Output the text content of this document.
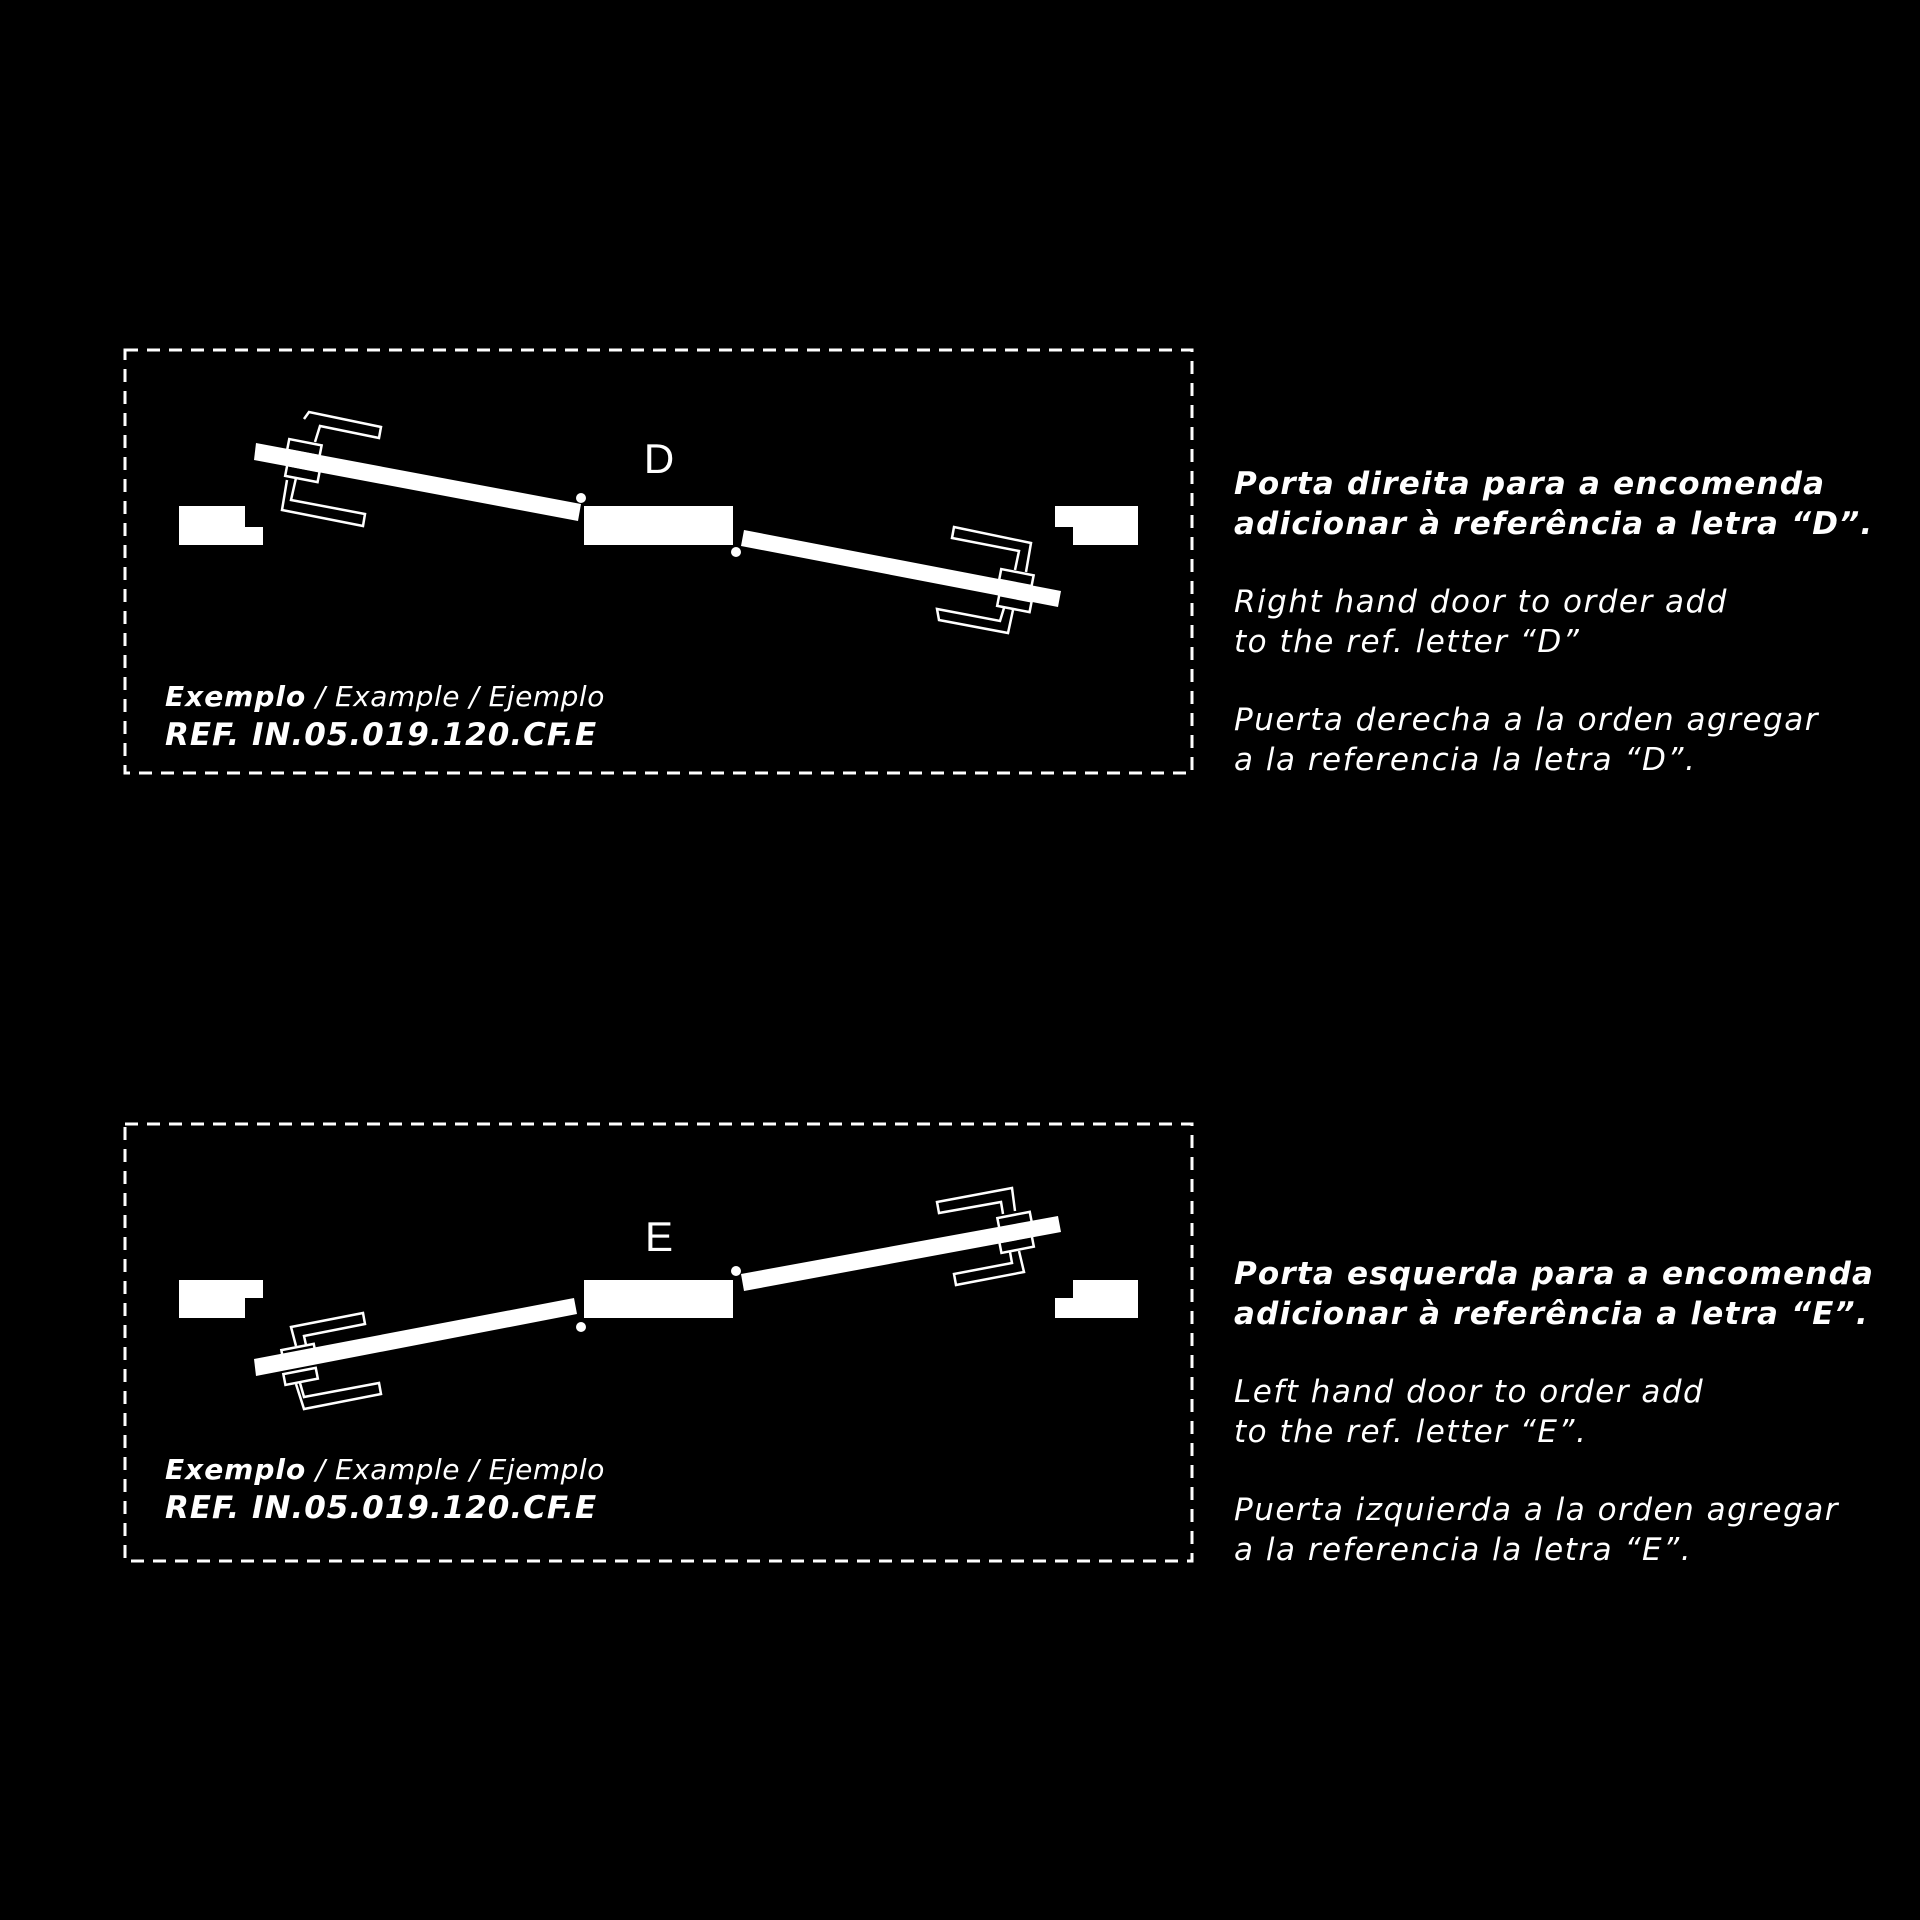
D
Exemplo / Example / Ejemplo
REF. IN.05.019.120.CF.E

Porta direita para a encomenda

adicionar à referência a letra “D”.

Right hand door to order add

to the ref. letter “D”

Puerta derecha a la orden agregar

a la referencia la letra “D”.

E
Exemplo / Example / Ejemplo
REF. IN.05.019.120.CF.E

Porta esquerda para a encomenda

adicionar à referência a letra “E”.

Left hand door to order add

to the ref. letter “E”.

Puerta izquierda a la orden agregar

a la referencia la letra “E”.
